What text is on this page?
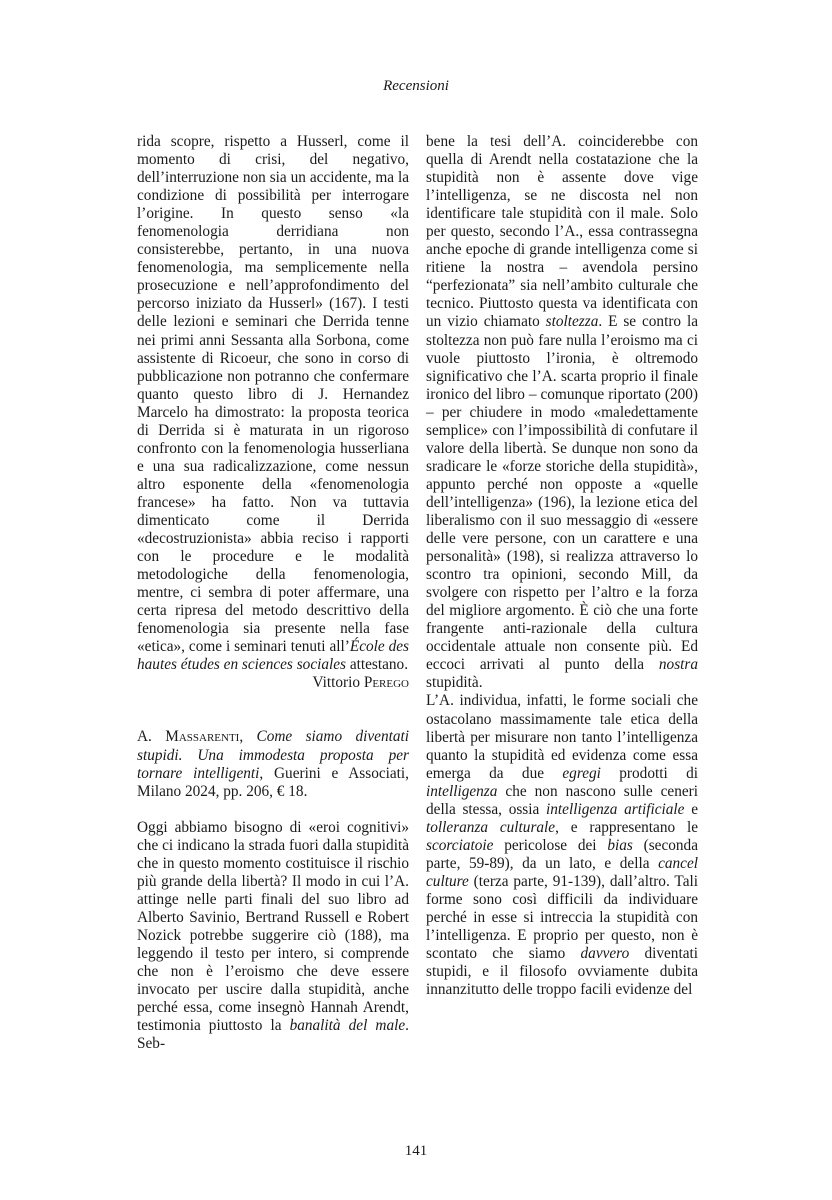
Recensioni

rida scopre, rispetto a Husserl, come il momento di crisi, del negativo, dell’interruzione non sia un accidente, ma la condizione di possibilità per interrogare l’origine. In questo senso «la fenomenologia derridiana non consisterebbe, pertanto, in una nuova fenomenologia, ma semplicemente nella prosecuzione e nell’approfondimento del percorso iniziato da Husserl» (167). I testi delle lezioni e seminari che Derrida tenne nei primi anni Sessanta alla Sorbona, come assistente di Ricoeur, che sono in corso di pubblicazione non potranno che confermare quanto questo libro di J. Hernandez Marcelo ha dimostrato: la proposta teorica di Derrida si è maturata in un rigoroso confronto con la fenomenologia husserliana e una sua radicalizzazione, come nessun altro esponente della «fenomenologia francese» ha fatto. Non va tuttavia dimenticato come il Derrida «decostruzionista» abbia reciso i rapporti con le procedure e le modalità metodologiche della fenomenologia, mentre, ci sembra di poter affermare, una certa ripresa del metodo descrittivo della fenomenologia sia presente nella fase «etica», come i seminari tenuti all’École des hautes études en sciences sociales attestano.

Vittorio Perego

A. Massarenti, Come siamo diventati stupidi. Una immodesta proposta per tornare intelligenti, Guerini e Associati, Milano 2024, pp. 206, € 18.

Oggi abbiamo bisogno di «eroi cognitivi» che ci indicano la strada fuori dalla stupidità che in questo momento costituisce il rischio più grande della libertà? Il modo in cui l’A. attinge nelle parti finali del suo libro ad Alberto Savinio, Bertrand Russell e Robert Nozick potrebbe suggerire ciò (188), ma leggendo il testo per intero, si comprende che non è l’eroismo che deve essere invocato per uscire dalla stupidità, anche perché essa, come insegnò Hannah Arendt, testimonia piuttosto la banalità del male. Seb-

bene la tesi dell’A. coinciderebbe con quella di Arendt nella costatazione che la stupidità non è assente dove vige l’intelligenza, se ne discosta nel non identificare tale stupidità con il male. Solo per questo, secondo l’A., essa contrassegna anche epoche di grande intelligenza come si ritiene la nostra – avendola persino “perfezionata” sia nell’ambito culturale che tecnico. Piuttosto questa va identificata con un vizio chiamato stoltezza. E se contro la stoltezza non può fare nulla l’eroismo ma ci vuole piuttosto l’ironia, è oltremodo significativo che l’A. scarta proprio il finale ironico del libro – comunque riportato (200) – per chiudere in modo «maledettamente semplice» con l’impossibilità di confutare il valore della libertà. Se dunque non sono da sradicare le «forze storiche della stupidità», appunto perché non opposte a «quelle dell’intelligenza» (196), la lezione etica del liberalismo con il suo messaggio di «essere delle vere persone, con un carattere e una personalità» (198), si realizza attraverso lo scontro tra opinioni, secondo Mill, da svolgere con rispetto per l’altro e la forza del migliore argomento. È ciò che una forte frangente anti-razionale della cultura occidentale attuale non consente più. Ed eccoci arrivati al punto della nostra stupidità.

L’A. individua, infatti, le forme sociali che ostacolano massimamente tale etica della libertà per misurare non tanto l’intelligenza quanto la stupidità ed evidenza come essa emerga da due egregi prodotti di intelligenza che non nascono sulle ceneri della stessa, ossia intelligenza artificiale e tolleranza culturale, e rappresentano le scorciatoie pericolose dei bias (seconda parte, 59-89), da un lato, e della cancel culture (terza parte, 91-139), dall’altro. Tali forme sono così difficili da individuare perché in esse si intreccia la stupidità con l’intelligenza. E proprio per questo, non è scontato che siamo davvero diventati stupidi, e il filosofo ovviamente dubita innanzitutto delle troppo facili evidenze del

141
